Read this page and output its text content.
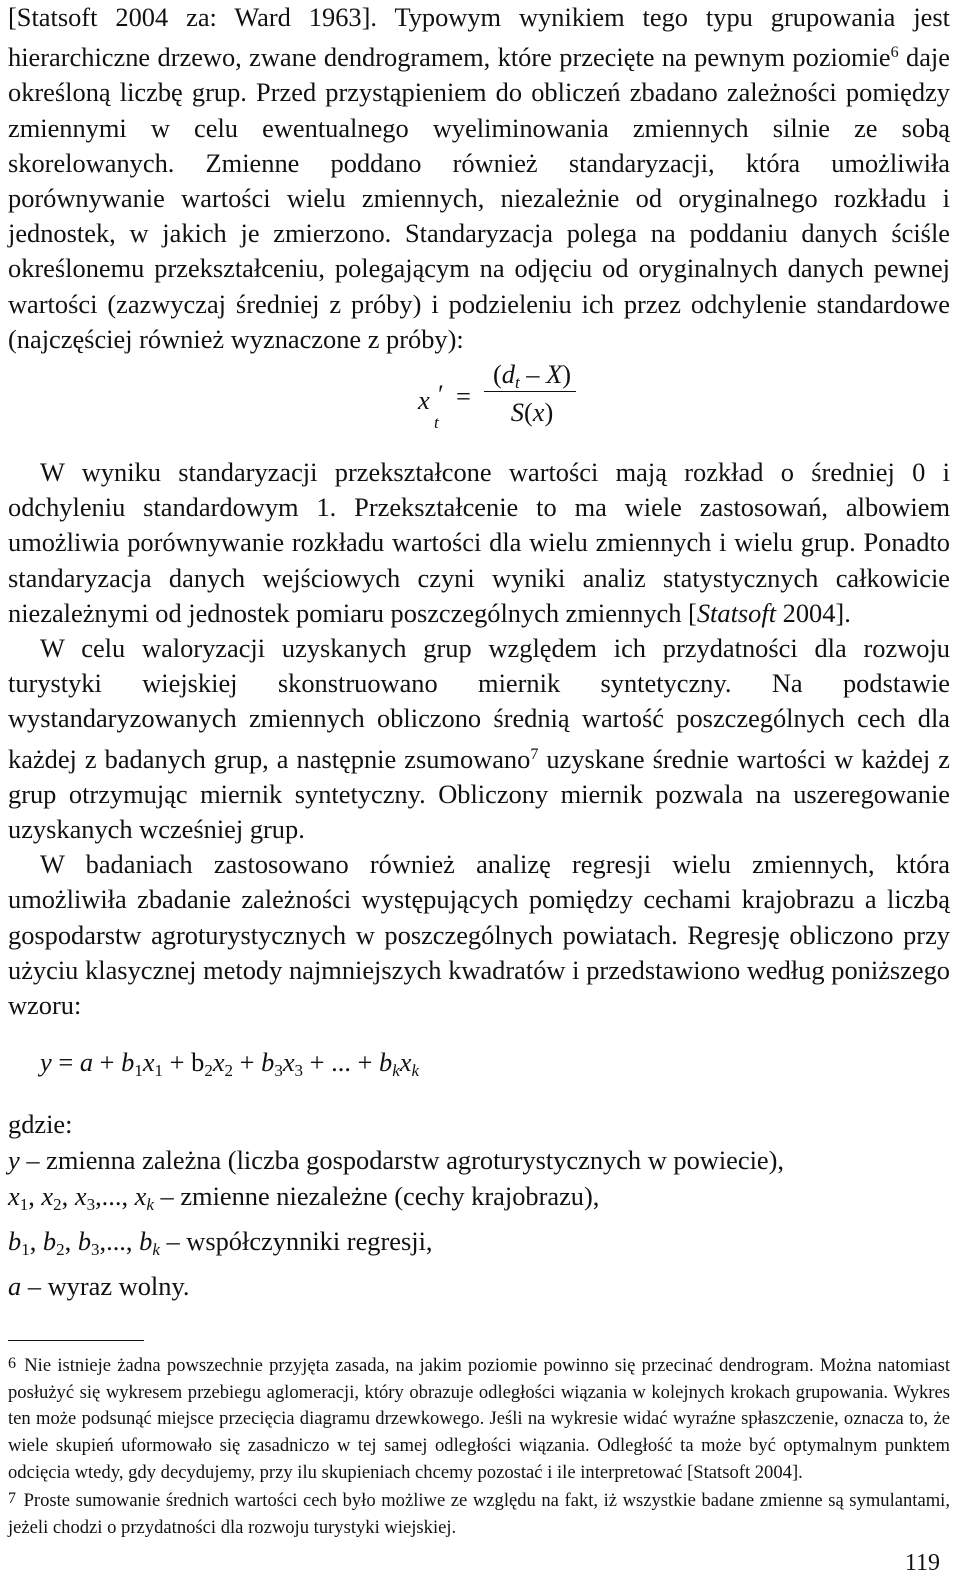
[Statsoft 2004 za: Ward 1963]. Typowym wynikiem tego typu grupowania jest hierarchiczne drzewo, zwane dendrogramem, które przecięte na pewnym poziomie$^6$ daje określoną liczbę grup. Przed przystąpieniem do obliczeń zbadano zależności pomiędzy zmiennymi w celu ewentualnego wyeliminowania zmiennych silnie ze sobą skorelowanych. Zmienne poddano również standaryzacji, która umożliwiła porównywanie wartości wielu zmiennych, niezależnie od oryginalnego rozkładu i jednostek, w jakich je zmierzono. Standaryzacja polega na poddaniu danych ściśle określonemu przekształceniu, polegającym na odjęciu od oryginalnych danych pewnej wartości (zazwyczaj średniej z próby) i podzieleniu ich przez odchylenie standardowe (najczęściej również wyznaczone z próby):

x
t
′ =
$(d_t - X)$
S(x)

W wyniku standaryzacji przekształcone wartości mają rozkład o średniej 0 i odchyleniu standardowym 1. Przekształcenie to ma wiele zastosowań, albowiem umożliwia porównywanie rozkładu wartości dla wielu zmiennych i wielu grup. Ponadto standaryzacja danych wejściowych czyni wyniki analiz statystycznych całkowicie niezależnymi od jednostek pomiaru poszczególnych zmiennych [Statsoft 2004].

W celu waloryzacji uzyskanych grup względem ich przydatności dla rozwoju turystyki wiejskiej skonstruowano miernik syntetyczny. Na podstawie wystandaryzowanych zmiennych obliczono średnią wartość poszczególnych cech dla każdej z badanych grup, a następnie zsumowano$^7$ uzyskane średnie wartości w każdej z grup otrzymując miernik syntetyczny. Obliczony miernik pozwala na uszeregowanie uzyskanych wcześniej grup.

W badaniach zastosowano również analizę regresji wielu zmiennych, która umożliwiła zbadanie zależności występujących pomiędzy cechami krajobrazu a liczbą gospodarstw agroturystycznych w poszczególnych powiatach. Regresję obliczono przy użyciu klasycznej metody najmniejszych kwadratów i przedstawiono według poniższego wzoru:

$y = a + b_1x_1 + b_2x_2 + b_3x_3$ + ... + $b_kx_k$

gdzie:

y – zmienna zależna (liczba gospodarstw agroturystycznych w powiecie),

$x_1$, $x_2$, $x_3$,..., $x_k$ – zmienne niezależne (cechy krajobrazu),

$b_1$, $b_2$, $b_3$,..., $b_k$ – współczynniki regresji,

a – wyraz wolny.

6 Nie istnieje żadna powszechnie przyjęta zasada, na jakim poziomie powinno się przecinać dendrogram. Można natomiast posłużyć się wykresem przebiegu aglomeracji, który obrazuje odległości wiązania w kolejnych krokach grupowania. Wykres ten może podsunąć miejsce przecięcia diagramu drzewkowego. Jeśli na wykresie widać wyraźne spłaszczenie, oznacza to, że wiele skupień uformowało się zasadniczo w tej samej odległości wiązania. Odległość ta może być optymalnym punktem odcięcia wtedy, gdy decydujemy, przy ilu skupieniach chcemy pozostać i ile interpretować [Statsoft 2004].

7 Proste sumowanie średnich wartości cech było możliwe ze względu na fakt, iż wszystkie badane zmienne są symulantami, jeżeli chodzi o przydatności dla rozwoju turystyki wiejskiej.

119
